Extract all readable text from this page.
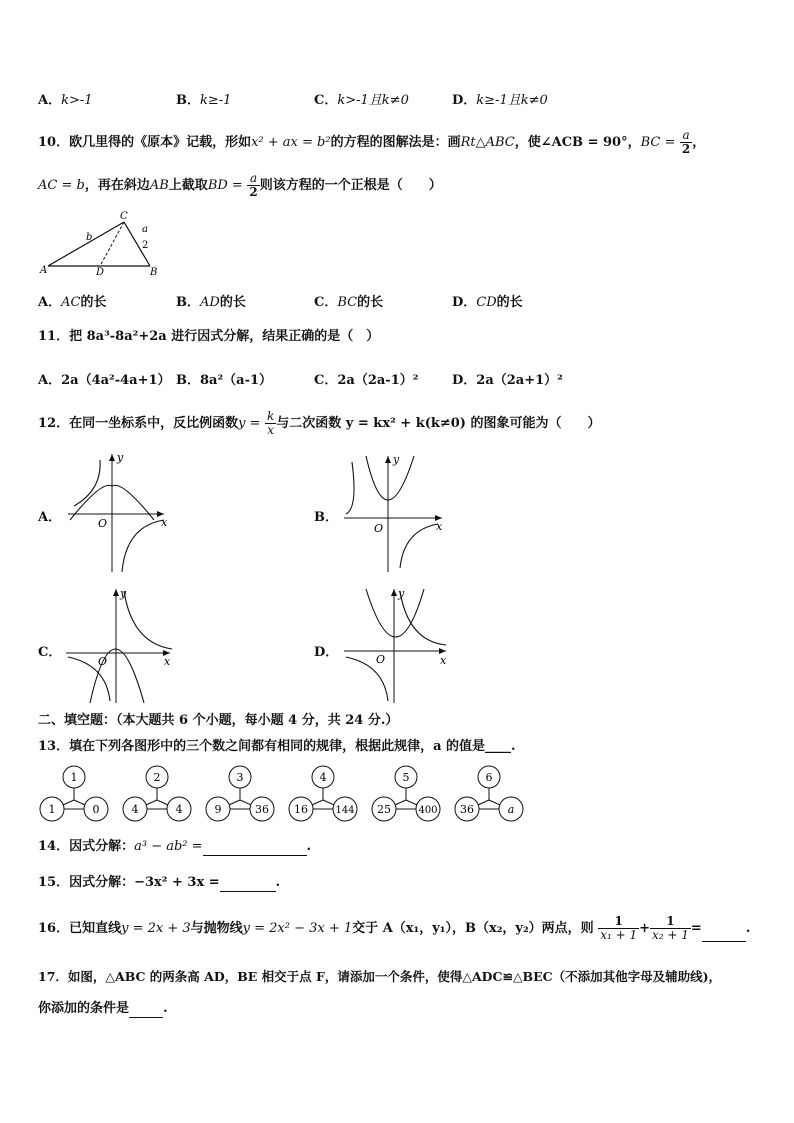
A．k>-1	B．k≥-1	C．k>-1且k≠0	D．k≥-1且k≠0
10．欧几里得的《原本》记载，形如x² + ax = b²的方程的图解法是：画Rt△ABC，使∠ACB = 90°，BC = $\frac{a}{2}$ ，
AC = b，再在斜边AB上截取BD = $\frac{a}{2}$ 则该方程的一个正根是（　　）
A	D	B
C
b
a
2
A．AC的长	B．AD的长	C．BC的长	D．CD的长
11．把 8a³-8a²+2a 进行因式分解，结果正确的是（　）
A．2a（4a²-4a+1） B．8a²（a-1）	C．2a（2a-1）²	D．2a（2a+1）²
12．在同一坐标系中，反比例函数$y = \frac{k}{x}$ 与二次函数 y = kx² + k(k≠0) 的图象可能为（　　）
A．
y
x
O	B．
y
x
O
C．
y
x
O
D．
y
x
O
二、填空题：（本大题共 6 个小题，每小题 4 分，共 24 分.）
13．填在下列各图形中的三个数之间都有相同的规律，根据此规律，a 的值是____.
1
1	0
2
4	4
3
9	36
4
16	144
5
25	400
6
36	a
14．因式分解：a³ − ab² =	.
15．因式分解：−3x² + 3x =	.
16．已知直线y = 2x + 3与抛物线y = 2x² − 3x + 1交于 A（x₁，y₁），B（x₂，y₂）两点，则 $\frac{1}{\text{x₁ + 1}} + \frac{1}{\text{x₂ + 1}}$ =	.
17．如图，△ABC 的两条高 AD，BE 相交于点 F，请添加一个条件，使得△ADC≌△BEC（不添加其他字母及辅助线)，
你添加的条件是	.
